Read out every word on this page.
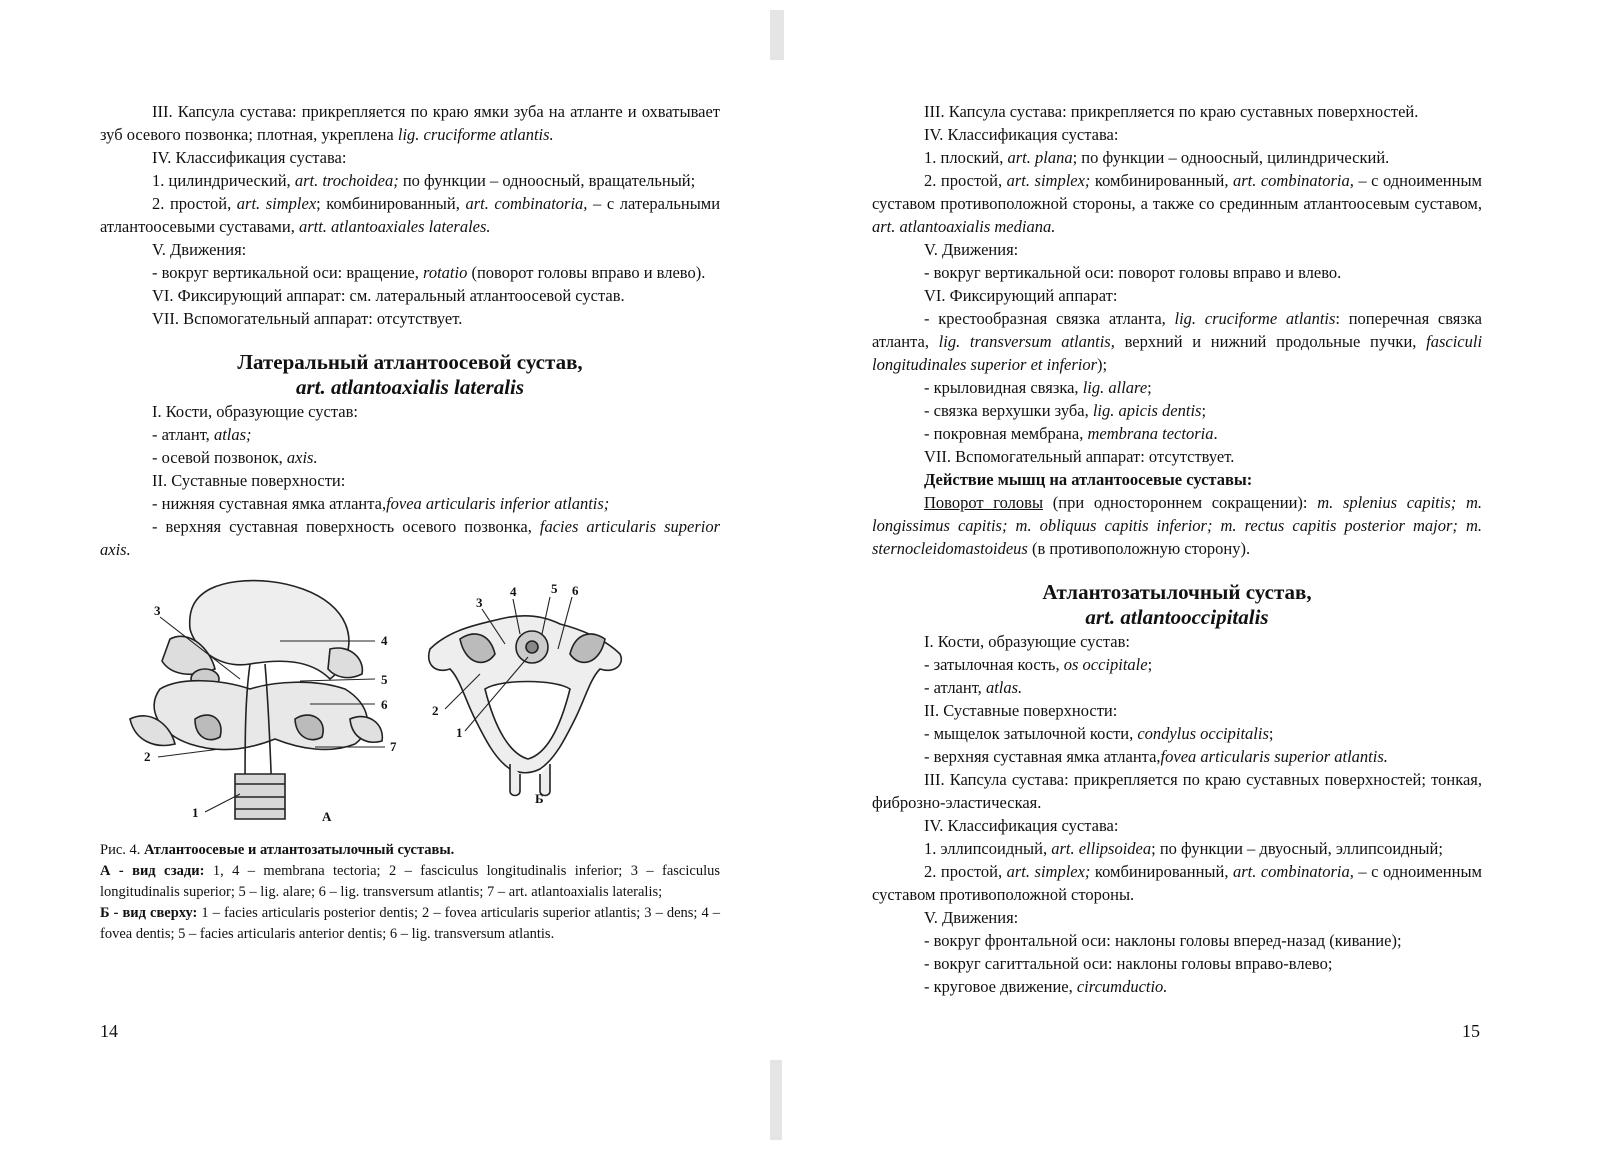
III. Капсула сустава: прикрепляется по краю ямки зуба на атланте и охватывает зуб осевого позвонка; плотная, укреплена lig. cruciforme atlantis.

IV. Классификация сустава:

1. цилиндрический, art. trochoidea; по функции – одноосный, вращательный;

2. простой, art. simplex; комбинированный, art. combinatoria, – с латеральными атлантоосевыми суставами, artt. atlantoaxiales laterales.

V. Движения:

- вокруг вертикальной оси: вращение, rotatio (поворот головы вправо и влево).

VI. Фиксирующий аппарат: см. латеральный атлантоосевой сустав.

VII. Вспомогательный аппарат: отсутствует.

Латеральный атлантоосевой сустав,
art. atlantoaxialis lateralis

I. Кости, образующие сустав:

- атлант, atlas;

- осевой позвонок, axis.

II. Суставные поверхности:

- нижняя суставная ямка атланта,fovea articularis inferior atlantis;

- верхняя суставная поверхность осевого позвонка, facies articularis superior axis.

3
4
5
6
7
2
1	А
4	5 6
3
2
1
Б
Рис. 4. Атлантоосевые и атлантозатылочный суставы.
А - вид сзади: 1, 4 – membrana tectoria; 2 – fasciculus longitudinalis inferior; 3 – fasciculus longitudinalis superior; 5 – lig. alare; 6 – lig. transversum atlantis; 7 – art. atlantoaxialis lateralis;
Б - вид сверху: 1 – facies articularis posterior dentis; 2 – fovea articularis superior atlantis; 3 – dens; 4 – fovea dentis; 5 – facies articularis anterior dentis; 6 – lig. transversum atlantis.
14

III. Капсула сустава: прикрепляется по краю суставных поверхностей.

IV. Классификация сустава:

1. плоский, art. plana; по функции – одноосный, цилиндрический.

2. простой, art. simplex; комбинированный, art. combinatoria, – с одноименным суставом противоположной стороны, а также со срединным атлантоосевым суставом, art. atlantoaxialis mediana.

V. Движения:

- вокруг вертикальной оси: поворот головы вправо и влево.

VI. Фиксирующий аппарат:

- крестообразная связка атланта, lig. cruciforme atlantis: поперечная связка атланта, lig. transversum atlantis, верхний и нижний продольные пучки, fasciculi longitudinales superior et inferior);

- крыловидная связка, lig. allare;

- связка верхушки зуба, lig. apicis dentis;

- покровная мембрана, membrana tectoria.

VII. Вспомогательный аппарат: отсутствует.

Действие мышц на атлантоосевые суставы:

Поворот головы (при одностороннем сокращении): m. splenius capitis; m. longissimus capitis; m. obliquus capitis inferior; m. rectus capitis posterior major; m. sternocleidomastoideus (в противоположную сторону).

Атлантозатылочный сустав,
art. atlantooccipitalis

I. Кости, образующие сустав:

- затылочная кость, os occipitale;

- атлант, atlas.

II. Суставные поверхности:

- мыщелок затылочной кости, condylus occipitalis;

- верхняя суставная ямка атланта,fovea articularis superior atlantis.

III. Капсула сустава: прикрепляется по краю суставных поверхностей; тонкая, фиброзно-эластическая.

IV. Классификация сустава:

1. эллипсоидный, art. ellipsoidea; по функции – двуосный, эллипсоидный;

2. простой, art. simplex; комбинированный, art. combinatoria, – с одноименным суставом противоположной стороны.

V. Движения:

- вокруг фронтальной оси: наклоны головы вперед-назад (кивание);

- вокруг сагиттальной оси: наклоны головы вправо-влево;

- круговое движение, circumductio.

15
